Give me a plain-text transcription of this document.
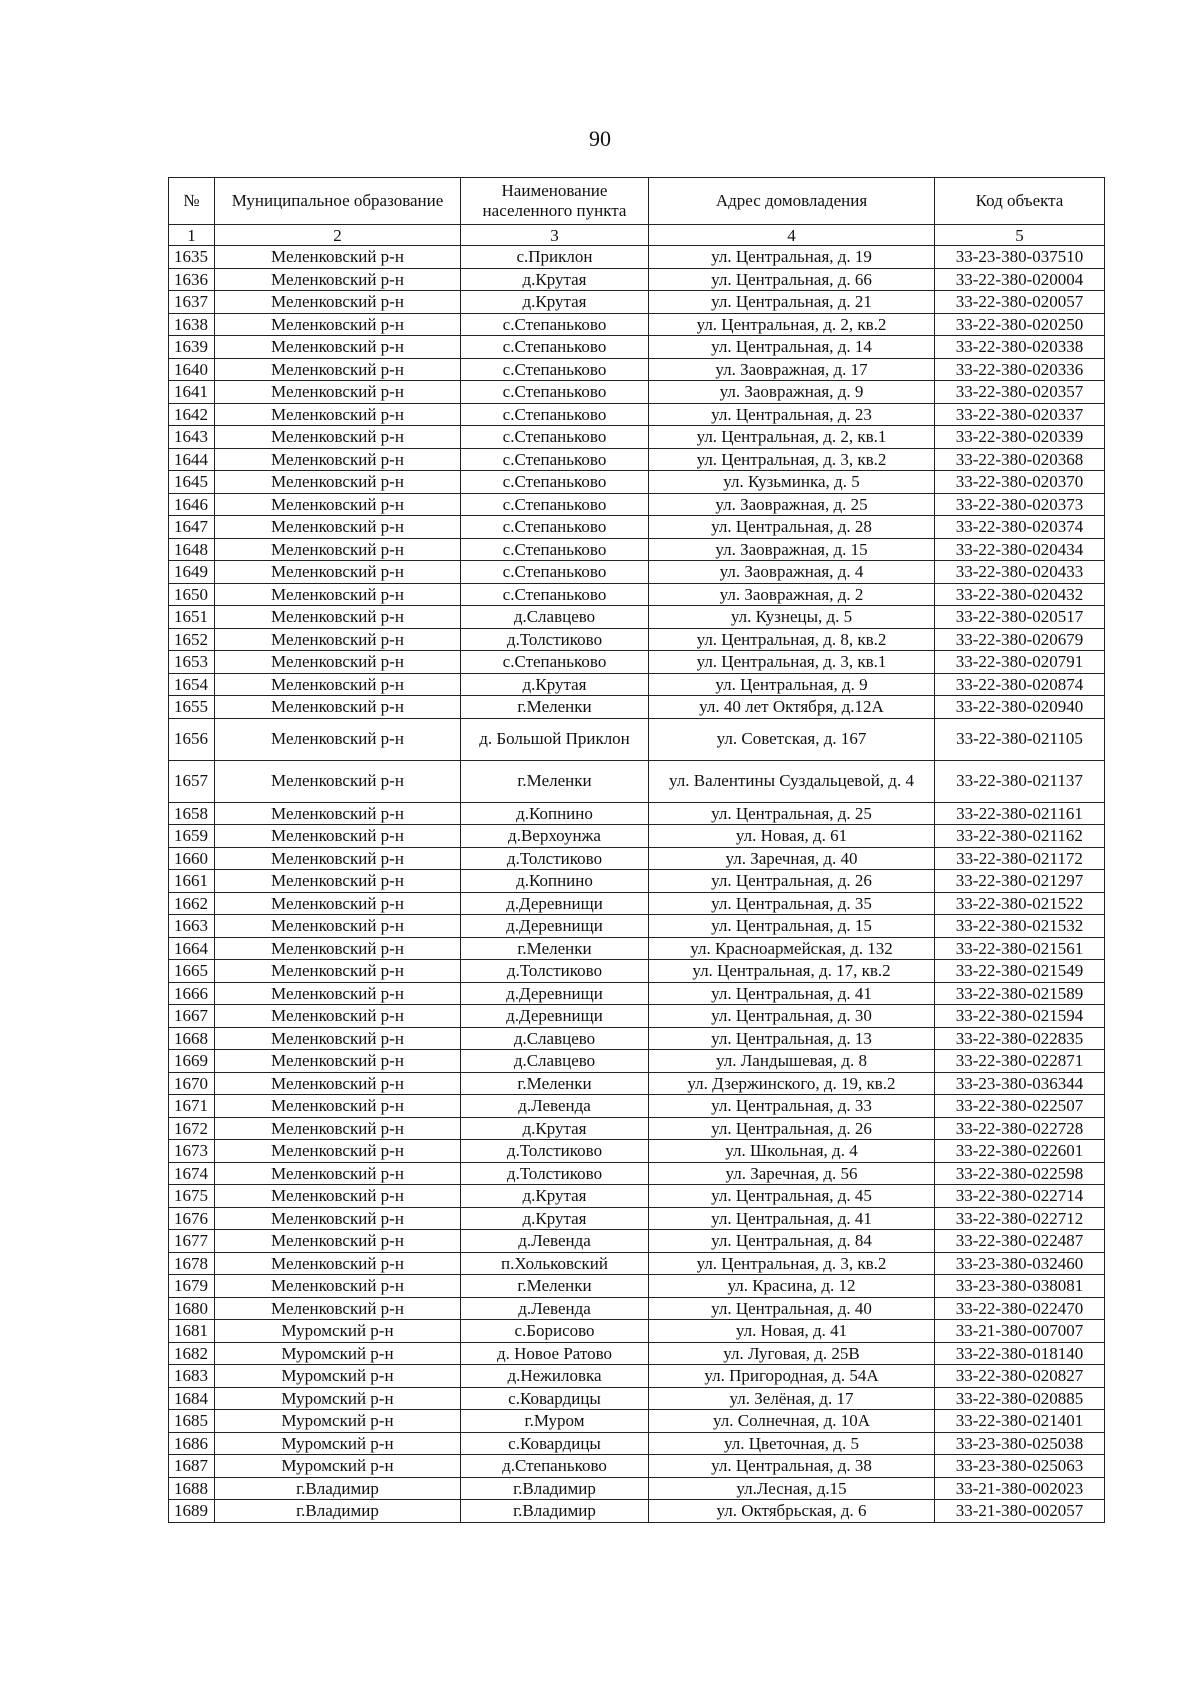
90
№	Муниципальное образование	Наименование населенного пункта	Адрес домовладения	Код объекта
1	2	3	4	5
1635	Меленковский р-н	с.Приклон	ул. Центральная, д. 19	33-23-380-037510
1636	Меленковский р-н	д.Крутая	ул. Центральная, д. 66	33-22-380-020004
1637	Меленковский р-н	д.Крутая	ул. Центральная, д. 21	33-22-380-020057
1638	Меленковский р-н	с.Степаньково	ул. Центральная, д. 2, кв.2	33-22-380-020250
1639	Меленковский р-н	с.Степаньково	ул. Центральная, д. 14	33-22-380-020338
1640	Меленковский р-н	с.Степаньково	ул. Заовражная, д. 17	33-22-380-020336
1641	Меленковский р-н	с.Степаньково	ул. Заовражная, д. 9	33-22-380-020357
1642	Меленковский р-н	с.Степаньково	ул. Центральная, д. 23	33-22-380-020337
1643	Меленковский р-н	с.Степаньково	ул. Центральная, д. 2, кв.1	33-22-380-020339
1644	Меленковский р-н	с.Степаньково	ул. Центральная, д. 3, кв.2	33-22-380-020368
1645	Меленковский р-н	с.Степаньково	ул. Кузьминка, д. 5	33-22-380-020370
1646	Меленковский р-н	с.Степаньково	ул. Заовражная, д. 25	33-22-380-020373
1647	Меленковский р-н	с.Степаньково	ул. Центральная, д. 28	33-22-380-020374
1648	Меленковский р-н	с.Степаньково	ул. Заовражная, д. 15	33-22-380-020434
1649	Меленковский р-н	с.Степаньково	ул. Заовражная, д. 4	33-22-380-020433
1650	Меленковский р-н	с.Степаньково	ул. Заовражная, д. 2	33-22-380-020432
1651	Меленковский р-н	д.Славцево	ул. Кузнецы, д. 5	33-22-380-020517
1652	Меленковский р-н	д.Толстиково	ул. Центральная, д. 8, кв.2	33-22-380-020679
1653	Меленковский р-н	с.Степаньково	ул. Центральная, д. 3, кв.1	33-22-380-020791
1654	Меленковский р-н	д.Крутая	ул. Центральная, д. 9	33-22-380-020874
1655	Меленковский р-н	г.Меленки	ул. 40 лет Октября, д.12А	33-22-380-020940
1656	Меленковский р-н	д. Большой Приклон	ул. Советская, д. 167	33-22-380-021105
1657	Меленковский р-н	г.Меленки	ул. Валентины Суздальцевой, д. 4	33-22-380-021137
1658	Меленковский р-н	д.Копнино	ул. Центральная, д. 25	33-22-380-021161
1659	Меленковский р-н	д.Верхоунжа	ул. Новая, д. 61	33-22-380-021162
1660	Меленковский р-н	д.Толстиково	ул. Заречная, д. 40	33-22-380-021172
1661	Меленковский р-н	д.Копнино	ул. Центральная, д. 26	33-22-380-021297
1662	Меленковский р-н	д.Деревнищи	ул. Центральная, д. 35	33-22-380-021522
1663	Меленковский р-н	д.Деревнищи	ул. Центральная, д. 15	33-22-380-021532
1664	Меленковский р-н	г.Меленки	ул. Красноармейская, д. 132	33-22-380-021561
1665	Меленковский р-н	д.Толстиково	ул. Центральная, д. 17, кв.2	33-22-380-021549
1666	Меленковский р-н	д.Деревнищи	ул. Центральная, д. 41	33-22-380-021589
1667	Меленковский р-н	д.Деревнищи	ул. Центральная, д. 30	33-22-380-021594
1668	Меленковский р-н	д.Славцево	ул. Центральная, д. 13	33-22-380-022835
1669	Меленковский р-н	д.Славцево	ул. Ландышевая, д. 8	33-22-380-022871
1670	Меленковский р-н	г.Меленки	ул. Дзержинского, д. 19, кв.2	33-23-380-036344
1671	Меленковский р-н	д.Левенда	ул. Центральная, д. 33	33-22-380-022507
1672	Меленковский р-н	д.Крутая	ул. Центральная, д. 26	33-22-380-022728
1673	Меленковский р-н	д.Толстиково	ул. Школьная, д. 4	33-22-380-022601
1674	Меленковский р-н	д.Толстиково	ул. Заречная, д. 56	33-22-380-022598
1675	Меленковский р-н	д.Крутая	ул. Центральная, д. 45	33-22-380-022714
1676	Меленковский р-н	д.Крутая	ул. Центральная, д. 41	33-22-380-022712
1677	Меленковский р-н	д.Левенда	ул. Центральная, д. 84	33-22-380-022487
1678	Меленковский р-н	п.Хольковский	ул. Центральная, д. 3, кв.2	33-23-380-032460
1679	Меленковский р-н	г.Меленки	ул. Красина, д. 12	33-23-380-038081
1680	Меленковский р-н	д.Левенда	ул. Центральная, д. 40	33-22-380-022470
1681	Муромский р-н	с.Борисово	ул. Новая, д. 41	33-21-380-007007
1682	Муромский р-н	д. Новое Ратово	ул. Луговая, д. 25В	33-22-380-018140
1683	Муромский р-н	д.Нежиловка	ул. Пригородная, д. 54А	33-22-380-020827
1684	Муромский р-н	с.Ковардицы	ул. Зелёная, д. 17	33-22-380-020885
1685	Муромский р-н	г.Муром	ул. Солнечная, д. 10А	33-22-380-021401
1686	Муромский р-н	с.Ковардицы	ул. Цветочная, д. 5	33-23-380-025038
1687	Муромский р-н	д.Степаньково	ул. Центральная, д. 38	33-23-380-025063
1688	г.Владимир	г.Владимир	ул.Лесная, д.15	33-21-380-002023
1689	г.Владимир	г.Владимир	ул. Октябрьская, д. 6	33-21-380-002057
